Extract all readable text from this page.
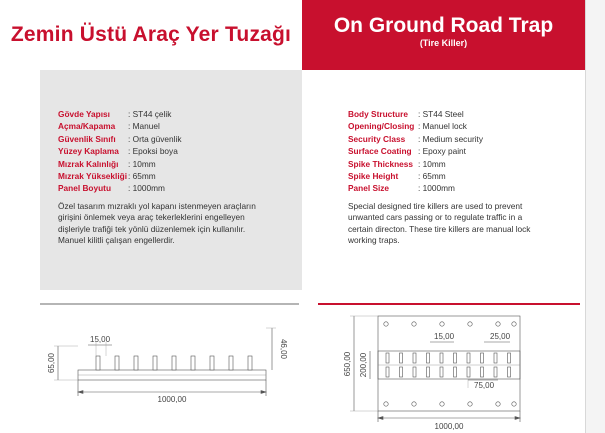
Zemin Üstü Araç Yer Tuzağı	On Ground Road Trap
(Tire Killer)
Gövde Yapısı	: ST44 çelik
Açma/Kapama	: Manuel
Güvenlik Sınıfı	: Orta güvenlik
Yüzey Kaplama	: Epoksi boya
Mızrak Kalınlığı	: 10mm
Mızrak Yüksekliği : 65mm
Panel Boyutu	: 1000mm
Özel tasarım mızraklı yol kapanı istenmeyen araçların
girişini önlemek veya araç tekerleklerini engelleyen
dişleriyle trafiği tek yönlü düzenlemek için kullanılır.
Manuel kilitli çalışan engellerdir.
Body Structure	: ST44 Steel
Opening/Closing : Manuel lock
Security Class	: Medium security
Surface Coating : Epoxy paint
Spike Thickness : 10mm
Spike Height	: 65mm
Panel Size	: 1000mm
Special designed tire killers are used to prevent
unwanted cars passing or to regulate traffic in a
certain directon. These tire killers are manual lock
working traps.
15,00
65,00
46,00
1000,00
15,00	25,00
650,00 200,00
75,00
1000,00
